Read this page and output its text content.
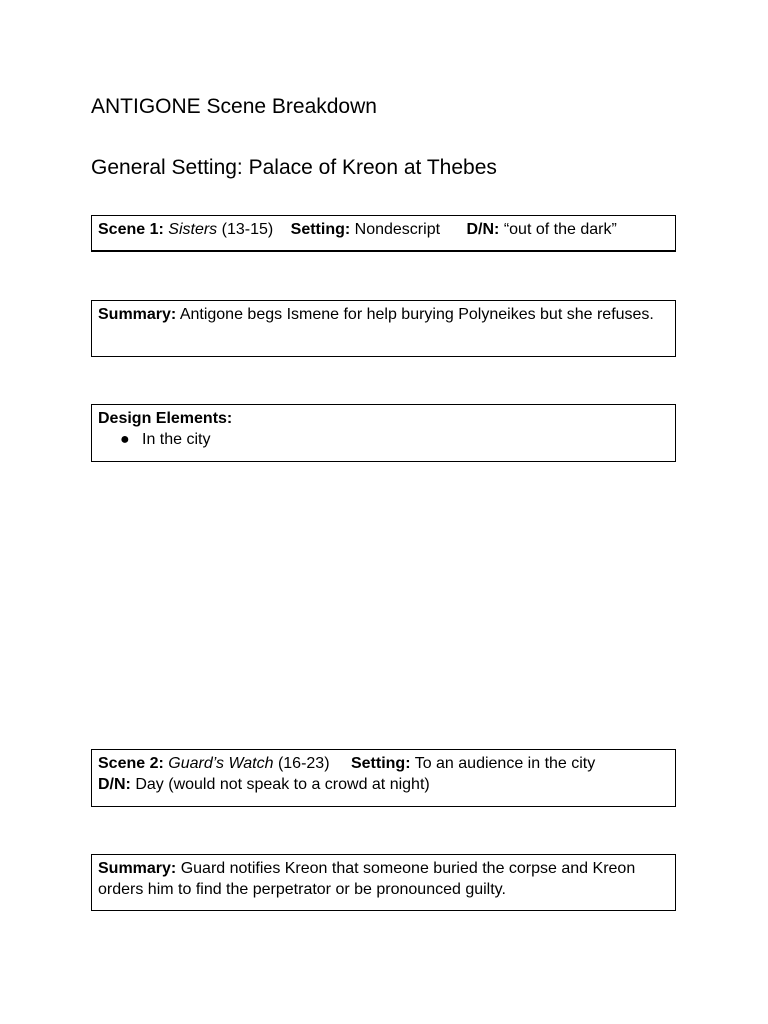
ANTIGONE Scene Breakdown
General Setting: Palace of Kreon at Thebes
Scene 1: Sisters (13-15) Setting: Nondescript D/N: “out of the dark”
Summary: Antigone begs Ismene for help burying Polyneikes but she refuses.
Design Elements:
● In the city
Scene 2: Guard’s Watch (16-23) Setting: To an audience in the city
D/N: Day (would not speak to a crowd at night)
Summary: Guard notifies Kreon that someone buried the corpse and Kreon orders him to find the perpetrator or be pronounced guilty.
